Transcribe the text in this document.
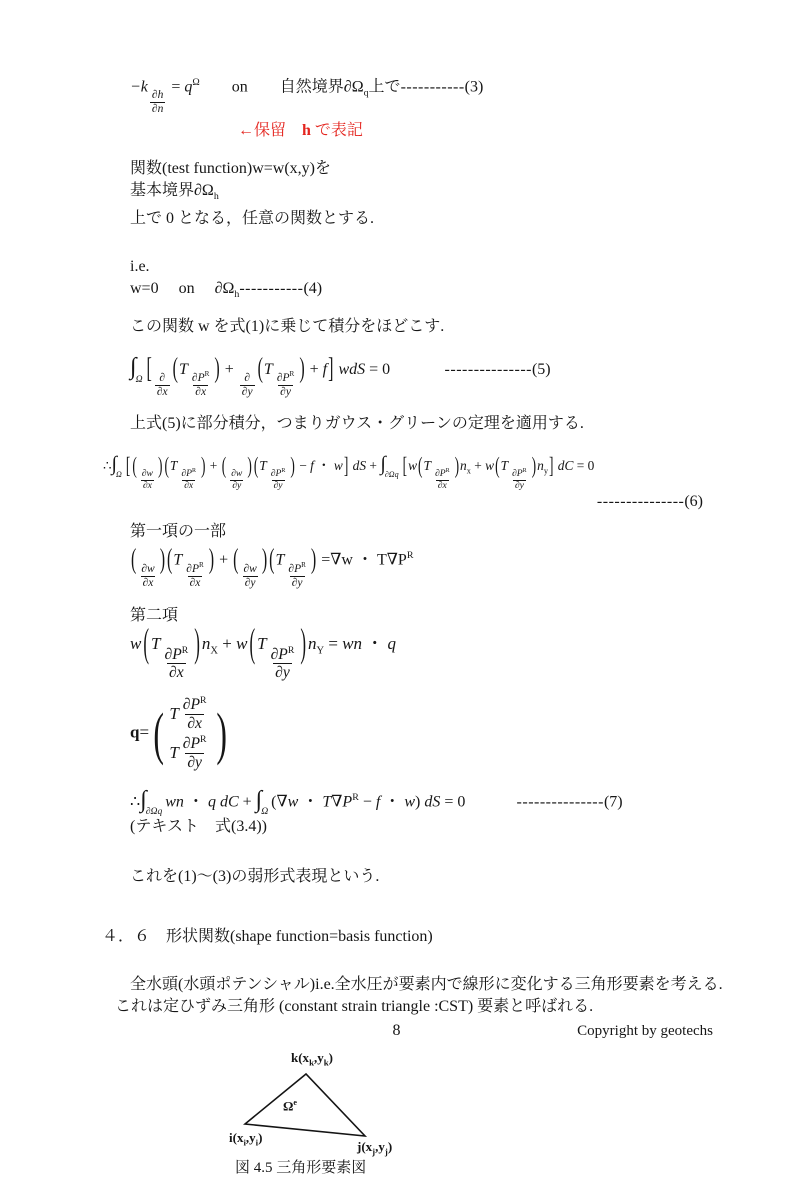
−k
$\frac{\partial h}{\partial n}$
= $q^\Omega$　　on　　自然境界$\partial\Omega_q$上で-----------(3)
←保留　h で表記
関数(test function)w=w(x,y)を
基本境界$\partial\Omega_h$
上で 0 となる，任意の関数とする.
i.e.
w=0　 on　 $\partial\Omega_h-----------(4)$
この関数 w を式(1)に乗じて積分をほどこす.
$\int_\Omega$ [
$\frac{\partial}{\partial x}$
(T
$\frac{\partial P^R}{\partial x}$
) +
$\frac{\partial}{\partial y}$
(T
$\frac{\partial P^R}{\partial y}$
) + f] wdS = 0	---------------(5)
上式(5)に部分積分，つまりガウス・グリーンの定理を適用する.
$\therefore\int_\Omega$ [ (
$\frac{\partial w}{\partial x}$
) (T
$\frac{\partial P^R}{\partial x}$
) + (
$\frac{\partial w}{\partial y}$
) (T
$\frac{\partial P^R}{\partial y}$
) − f ・ w] dS + $\int_{\partial\Omega q}$ [w(T
$\frac{\partial P^R}{\partial x}$
)$n_x + w(T$
$\frac{\partial P^R}{\partial y}$
)$n_y$] dC = 0
---------------(6)
第一項の一部
(
$\frac{\partial w}{\partial x}$
) (T
$\frac{\partial P^R}{\partial x}$
) + (
$\frac{\partial w}{\partial y}$
) (T
$\frac{\partial P^R}{\partial y}$
) =∇w ・ $T\nabla P^R$
第二項
w ( T
$\frac{\partial P^R}{\partial x}$ ) $n_X + w$ ( T
$\frac{\partial P^R}{\partial y}$ ) $n_Y$ = wn ・ q
q= ( T $\frac{\partial P^R}{\partial x}$
T $\frac{\partial P^R}{\partial y}$ )
$\therefore\int_{\partial\Omega q}wn$ ・ q dC + $\int_\Omega(\nabla w$ ・ $T\nabla P^R - f$ ・ w) dS = 0	---------------(7)
(テキスト　式(3.4))
これを(1)～(3)の弱形式表現という.
４．６　形状関数(shape function=basis function)
全水頭(水頭ポテンシャル)i.e.全水圧が要素内で線形に変化する三角形要素を考える.
これは定ひずみ三角形 (constant strain triangle :CST) 要素と呼ばれる.
$k(x_k,y_k)$
$i(x_i,y_i)$
$j(x_j,y_j)$
$\Omega^e$
図 4.5 三角形要素図
8	Copyright by geotechs
